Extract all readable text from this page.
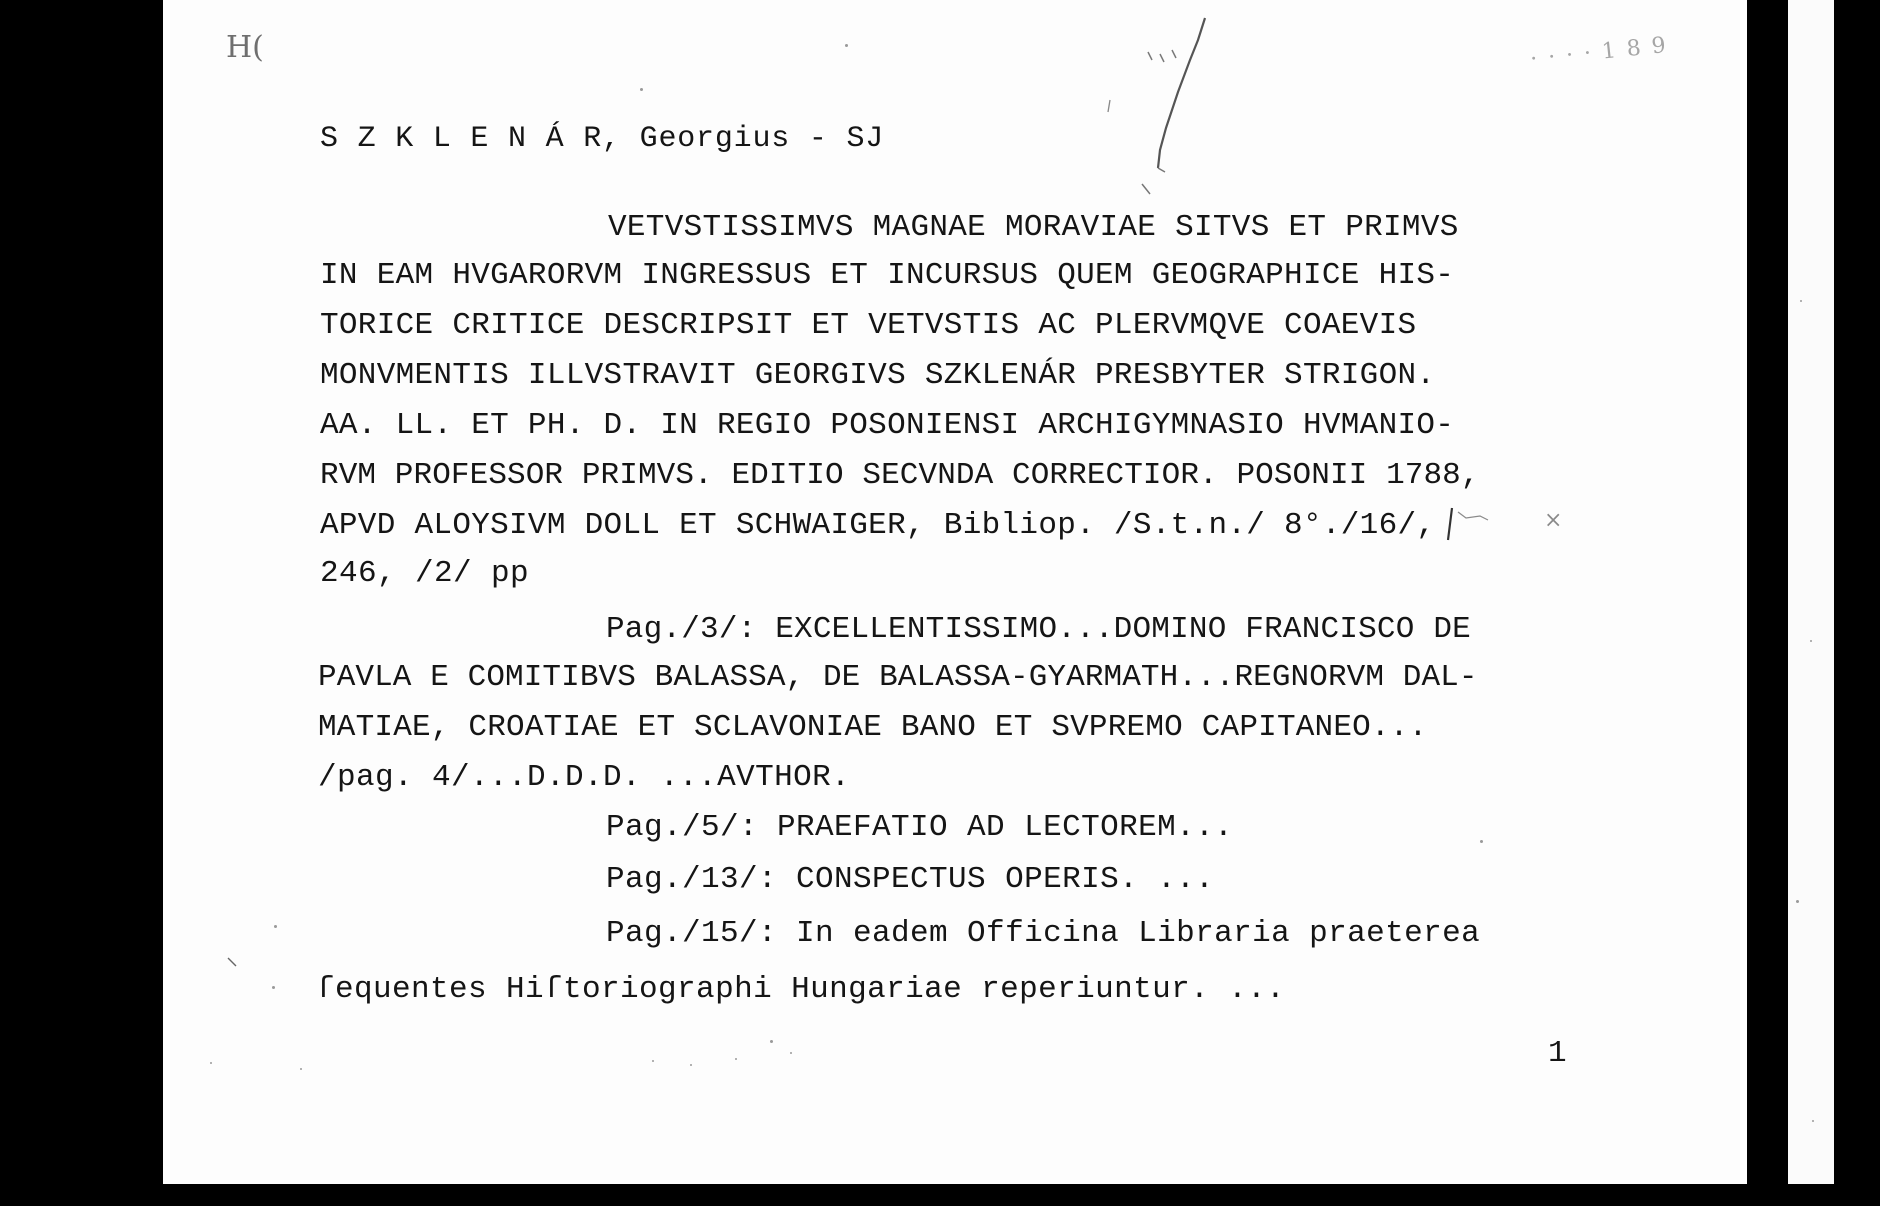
H(	· · · · 1 8 9
×
S Z K L E N Á R, Georgius - SJ
VETVSTISSIMVS MAGNAE MORAVIAE SITVS ET PRIMVS
IN EAM HVGARORVM INGRESSUS ET INCURSUS QUEM GEOGRAPHICE HIS-
TORICE CRITICE DESCRIPSIT ET VETVSTIS AC PLERVMQVE COAEVIS
MONVMENTIS ILLVSTRAVIT GEORGIVS SZKLENÁR PRESBYTER STRIGON.
AA. LL. ET PH. D. IN REGIO POSONIENSI ARCHIGYMNASIO HVMANIO-
RVM PROFESSOR PRIMVS. EDITIO SECVNDA CORRECTIOR. POSONII 1788,
APVD ALOYSIVM DOLL ET SCHWAIGER, Bibliop. /S.t.n./ 8°./16/,
246, /2/ pp
Pag./3/: EXCELLENTISSIMO...DOMINO FRANCISCO DE
PAVLA E COMITIBVS BALASSA, DE BALASSA-GYARMATH...REGNORVM DAL-
MATIAE, CROATIAE ET SCLAVONIAE BANO ET SVPREMO CAPITANEO...
/pag. 4/...D.D.D. ...AVTHOR.
Pag./5/: PRAEFATIO AD LECTOREM...
Pag./13/: CONSPECTUS OPERIS. ...
Pag./15/: In eadem Officina Libraria praeterea
ſequentes Hiſtoriographi Hungariae reperiuntur. ...
1
